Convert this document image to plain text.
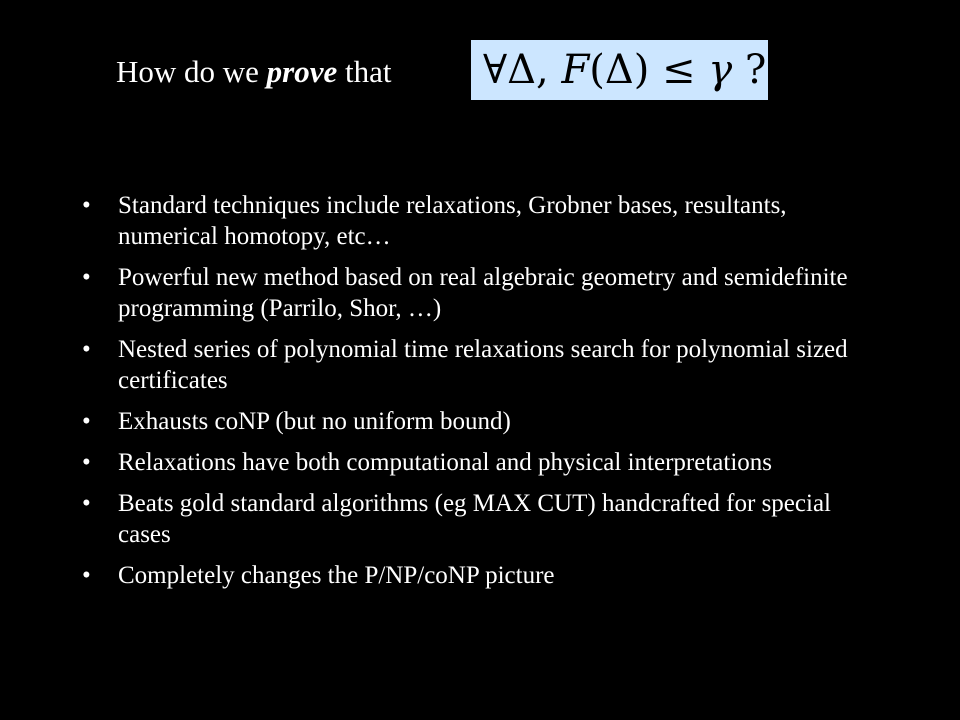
How do we prove that	∀Δ, F(Δ) ≤ γ ?
• Standard techniques include relaxations, Grobner bases, resultants, numerical homotopy, etc…
• Powerful new method based on real algebraic geometry and semidefinite programming (Parrilo, Shor, …)
• Nested series of polynomial time relaxations search for polynomial sized certificates
• Exhausts coNP (but no uniform bound)
• Relaxations have both computational and physical interpretations
• Beats gold standard algorithms (eg MAX CUT) handcrafted for special cases
• Completely changes the P/NP/coNP picture
